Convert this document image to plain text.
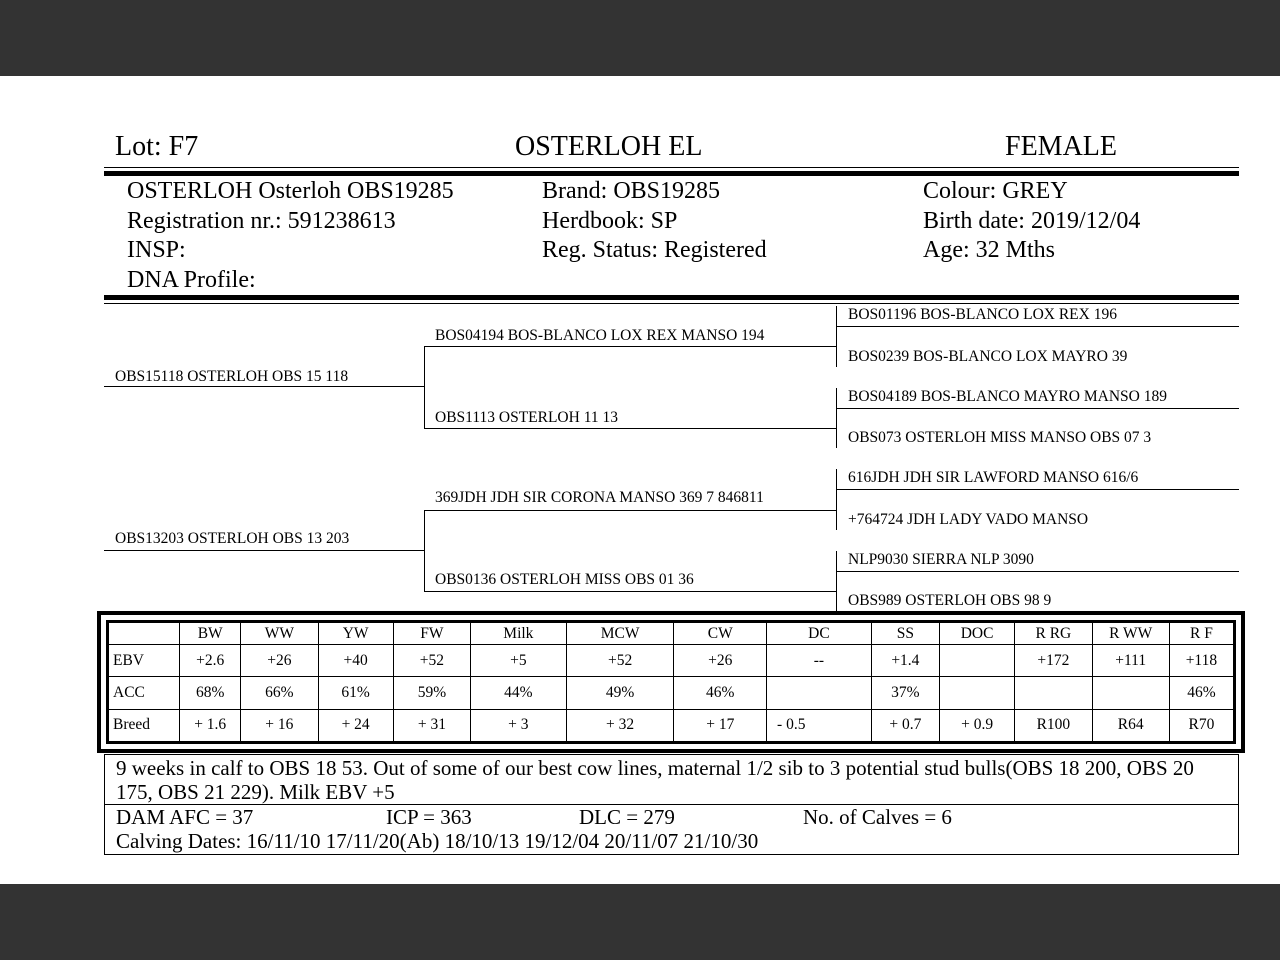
Lot: F7	OSTERLOH EL	FEMALE
OSTERLOH Osterloh OBS19285
Registration nr.: 591238613
INSP:
DNA Profile:
Brand: OBS19285
Herdbook: SP
Reg. Status: Registered
Colour: GREY
Birth date: 2019/12/04
Age: 32 Mths
OBS15118 OSTERLOH OBS 15 118
BOS04194 BOS-BLANCO LOX REX MANSO 194
OBS1113 OSTERLOH 11 13
OBS13203 OSTERLOH OBS 13 203
369JDH JDH SIR CORONA MANSO 369 7 846811
OBS0136 OSTERLOH MISS OBS 01 36
BOS01196 BOS-BLANCO LOX REX 196
BOS0239 BOS-BLANCO LOX MAYRO 39
BOS04189 BOS-BLANCO MAYRO MANSO 189
OBS073 OSTERLOH MISS MANSO OBS 07 3
616JDH JDH SIR LAWFORD MANSO 616/6
+764724 JDH LADY VADO MANSO
NLP9030 SIERRA NLP 3090
OBS989 OSTERLOH OBS 98 9
	BW	WW	YW	FW	Milk	MCW	CW	DC	SS	DOC	R RG	R WW	R F
EBV	+2.6	+26	+40	+52	+5	+52	+26	--	+1.4		+172	+111	+118
ACC	68%	66%	61%	59%	44%	49%	46%		37%				46%
Breed	+ 1.6	+ 16	+ 24	+ 31	+ 3	+ 32	+ 17	- 0.5	+ 0.7	+ 0.9	R100	R64	R70
9 weeks in calf to OBS 18 53. Out of some of our best cow lines, maternal 1/2 sib to 3 potential stud bulls(OBS 18 200, OBS 20 175, OBS 21 229). Milk EBV +5
DAM AFC = 37	ICP = 363	DLC = 279	No. of Calves = 6
Calving Dates: 16/11/10 17/11/20(Ab) 18/10/13 19/12/04 20/11/07 21/10/30
